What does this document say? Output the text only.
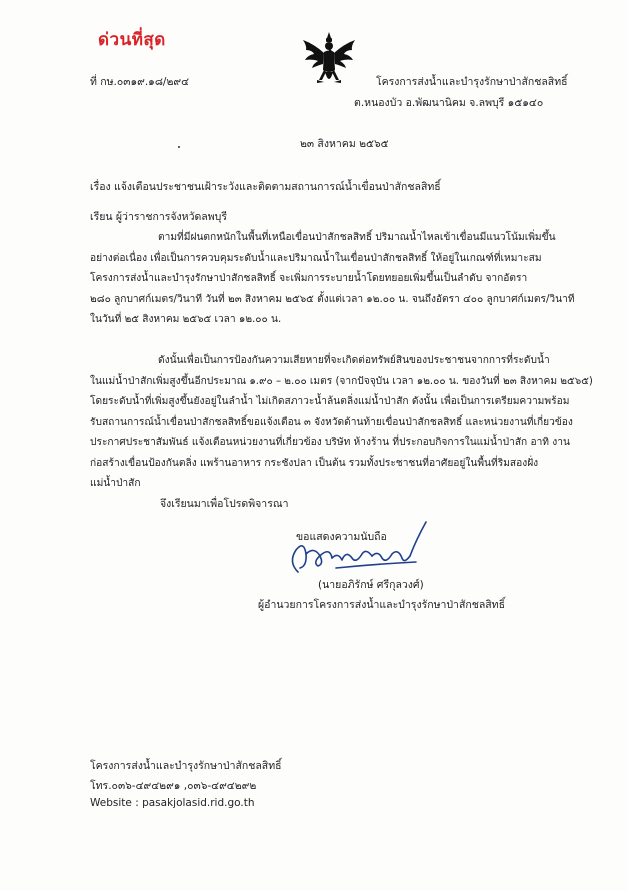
ด่วนที่สุด
ที่ กษ.๐๓๑๙.๑๘/๒๙๔	โครงการส่งน้ำและบำรุงรักษาป่าสักชลสิทธิ์
ต.หนองบัว อ.พัฒนานิคม จ.ลพบุรี ๑๕๑๔๐
๒๓ สิงหาคม ๒๕๖๕
เรื่อง แจ้งเตือนประชาชนเฝ้าระวังและติดตามสถานการณ์น้ำเขื่อนป่าสักชลสิทธิ์
เรียน ผู้ว่าราชการจังหวัดลพบุรี
ตามที่มีฝนตกหนักในพื้นที่เหนือเขื่อนป่าสักชลสิทธิ์ ปริมาณน้ำไหลเข้าเขื่อนมีแนวโน้มเพิ่มขึ้น
อย่างต่อเนื่อง เพื่อเป็นการควบคุมระดับน้ำและปริมาณน้ำในเขื่อนป่าสักชลสิทธิ์ ให้อยู่ในเกณฑ์ที่เหมาะสม
โครงการส่งน้ำและบำรุงรักษาป่าสักชลสิทธิ์ จะเพิ่มการระบายน้ำโดยทยอยเพิ่มขึ้นเป็นลำดับ จากอัตรา
๒๘๐ ลูกบาศก์เมตร/วินาที วันที่ ๒๓ สิงหาคม ๒๕๖๕ ตั้งแต่เวลา ๑๒.๐๐ น. จนถึงอัตรา ๔๐๐ ลูกบาศก์เมตร/วินาที
ในวันที่ ๒๕ สิงหาคม ๒๕๖๕ เวลา ๑๒.๐๐ น.
ดังนั้นเพื่อเป็นการป้องกันความเสียหายที่จะเกิดต่อทรัพย์สินของประชาชนจากการที่ระดับน้ำ
ในแม่น้ำป่าสักเพิ่มสูงขึ้นอีกประมาณ ๑.๙๐ – ๒.๐๐ เมตร (จากปัจจุบัน เวลา ๑๒.๐๐ น. ของวันที่ ๒๓ สิงหาคม ๒๕๖๕)
โดยระดับน้ำที่เพิ่มสูงขึ้นยังอยู่ในลำน้ำ ไม่เกิดสภาวะน้ำล้นตลิ่งแม่น้ำป่าสัก ดังนั้น เพื่อเป็นการเตรียมความพร้อม
รับสถานการณ์น้ำเขื่อนป่าสักชลสิทธิ์ขอแจ้งเตือน ๓ จังหวัดด้านท้ายเขื่อนป่าสักชลสิทธิ์ และหน่วยงานที่เกี่ยวข้อง
ประกาศประชาสัมพันธ์ แจ้งเตือนหน่วยงานที่เกี่ยวข้อง บริษัท ห้างร้าน ที่ประกอบกิจการในแม่น้ำป่าสัก อาทิ งาน
ก่อสร้างเขื่อนป้องกันตลิ่ง แพร้านอาหาร กระชังปลา เป็นต้น รวมทั้งประชาชนที่อาศัยอยู่ในพื้นที่ริมสองฝั่ง
แม่น้ำป่าสัก
จึงเรียนมาเพื่อโปรดพิจารณา
ขอแสดงความนับถือ
(นายอภิรักษ์ ศรีกุลวงศ์)
ผู้อำนวยการโครงการส่งน้ำและบำรุงรักษาป่าสักชลสิทธิ์
โครงการส่งน้ำและบำรุงรักษาป่าสักชลสิทธิ์
โทร.๐๓๖-๔๙๔๒๙๑ ,๐๓๖-๔๙๔๒๙๒
Website : pasakjolasid.rid.go.th
